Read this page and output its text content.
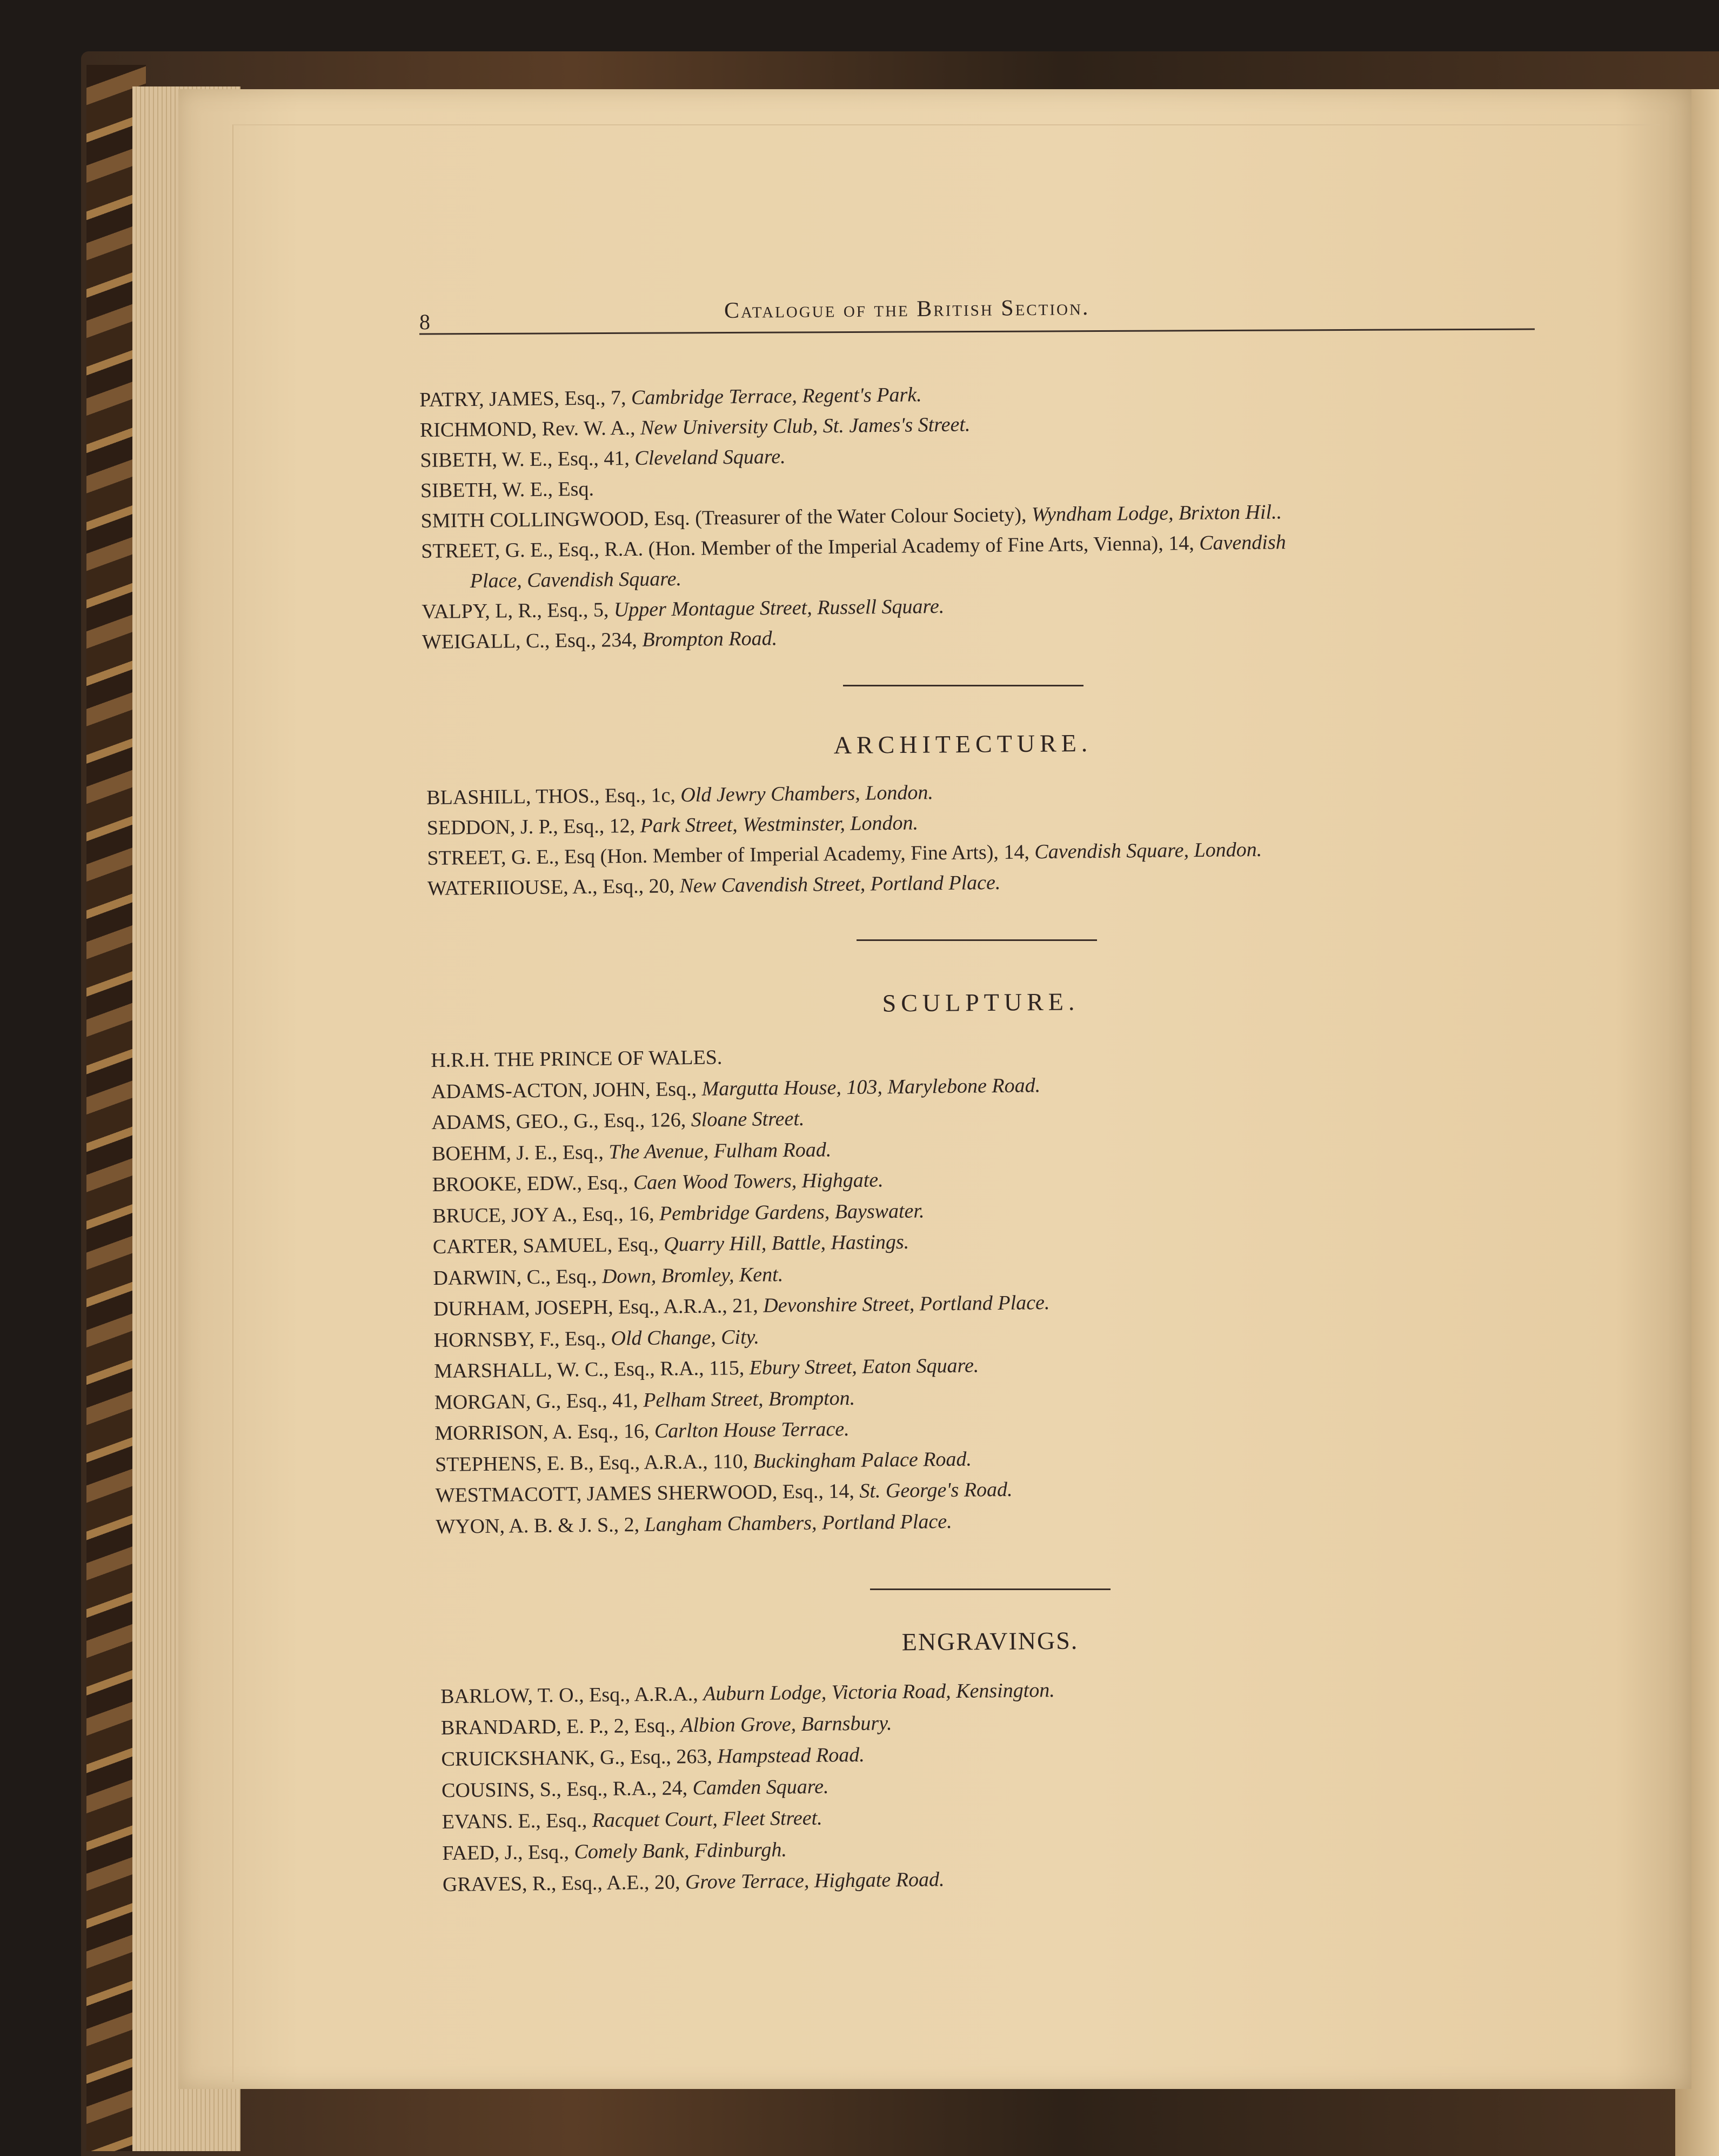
8	Catalogue of the British Section.
PATRY, JAMES, Esq., 7, Cambridge Terrace, Regent's Park.
RICHMOND, Rev. W. A., New University Club, St. James's Street.
SIBETH, W. E., Esq., 41, Cleveland Square.
SIBETH, W. E., Esq.
SMITH COLLINGWOOD, Esq. (Treasurer of the Water Colour Society), Wyndham Lodge, Brixton Hil..
STREET, G. E., Esq., R.A. (Hon. Member of the Imperial Academy of Fine Arts, Vienna), 14, Cavendish
Place, Cavendish Square.
VALPY, L, R., Esq., 5, Upper Montague Street, Russell Square.
WEIGALL, C., Esq., 234, Brompton Road.
ARCHITECTURE.
BLASHILL, THOS., Esq., 1c, Old Jewry Chambers, London.
SEDDON, J. P., Esq., 12, Park Street, Westminster, London.
STREET, G. E., Esq (Hon. Member of Imperial Academy, Fine Arts), 14, Cavendish Square, London.
WATERIIOUSE, A., Esq., 20, New Cavendish Street, Portland Place.
SCULPTURE.
H.R.H. THE PRINCE OF WALES.
ADAMS-ACTON, JOHN, Esq., Margutta House, 103, Marylebone Road.
ADAMS, GEO., G., Esq., 126, Sloane Street.
BOEHM, J. E., Esq., The Avenue, Fulham Road.
BROOKE, EDW., Esq., Caen Wood Towers, Highgate.
BRUCE, JOY A., Esq., 16, Pembridge Gardens, Bayswater.
CARTER, SAMUEL, Esq., Quarry Hill, Battle, Hastings.
DARWIN, C., Esq., Down, Bromley, Kent.
DURHAM, JOSEPH, Esq., A.R.A., 21, Devonshire Street, Portland Place.
HORNSBY, F., Esq., Old Change, City.
MARSHALL, W. C., Esq., R.A., 115, Ebury Street, Eaton Square.
MORGAN, G., Esq., 41, Pelham Street, Brompton.
MORRISON, A. Esq., 16, Carlton House Terrace.
STEPHENS, E. B., Esq., A.R.A., 110, Buckingham Palace Road.
WESTMACOTT, JAMES SHERWOOD, Esq., 14, St. George's Road.
WYON, A. B. & J. S., 2, Langham Chambers, Portland Place.
ENGRAVINGS.
BARLOW, T. O., Esq., A.R.A., Auburn Lodge, Victoria Road, Kensington.
BRANDARD, E. P., 2, Esq., Albion Grove, Barnsbury.
CRUICKSHANK, G., Esq., 263, Hampstead Road.
COUSINS, S., Esq., R.A., 24, Camden Square.
EVANS. E., Esq., Racquet Court, Fleet Street.
FAED, J., Esq., Comely Bank, Fdinburgh.
GRAVES, R., Esq., A.E., 20, Grove Terrace, Highgate Road.
